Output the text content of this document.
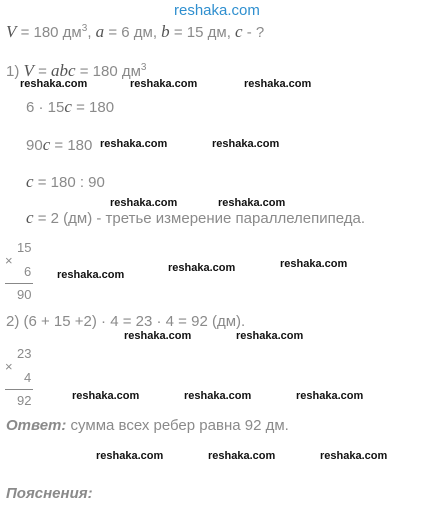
reshaka.com
V = 180 $дм^3$, a = 6 дм, b = 15 дм, c - ?
1) V = abc = 180 $дм^3$
reshaka.com	reshaka.com	reshaka.com
6 · 15c = 180
90c = 180 reshaka.com	reshaka.com
c = 180 : 90
reshaka.com	reshaka.com
c = 2 (дм) - третье измерение параллелепипеда.
15
×
6
90
reshaka.com
reshaka.com	reshaka.com
2) (6 + 15 +2) · 4 = 23 · 4 = 92 (дм).
reshaka.com	reshaka.com
23
×
4
92	reshaka.com	reshaka.com	reshaka.com
Ответ: сумма всех ребер равна 92 дм.
reshaka.com	reshaka.com	reshaka.com
Пояснения:
